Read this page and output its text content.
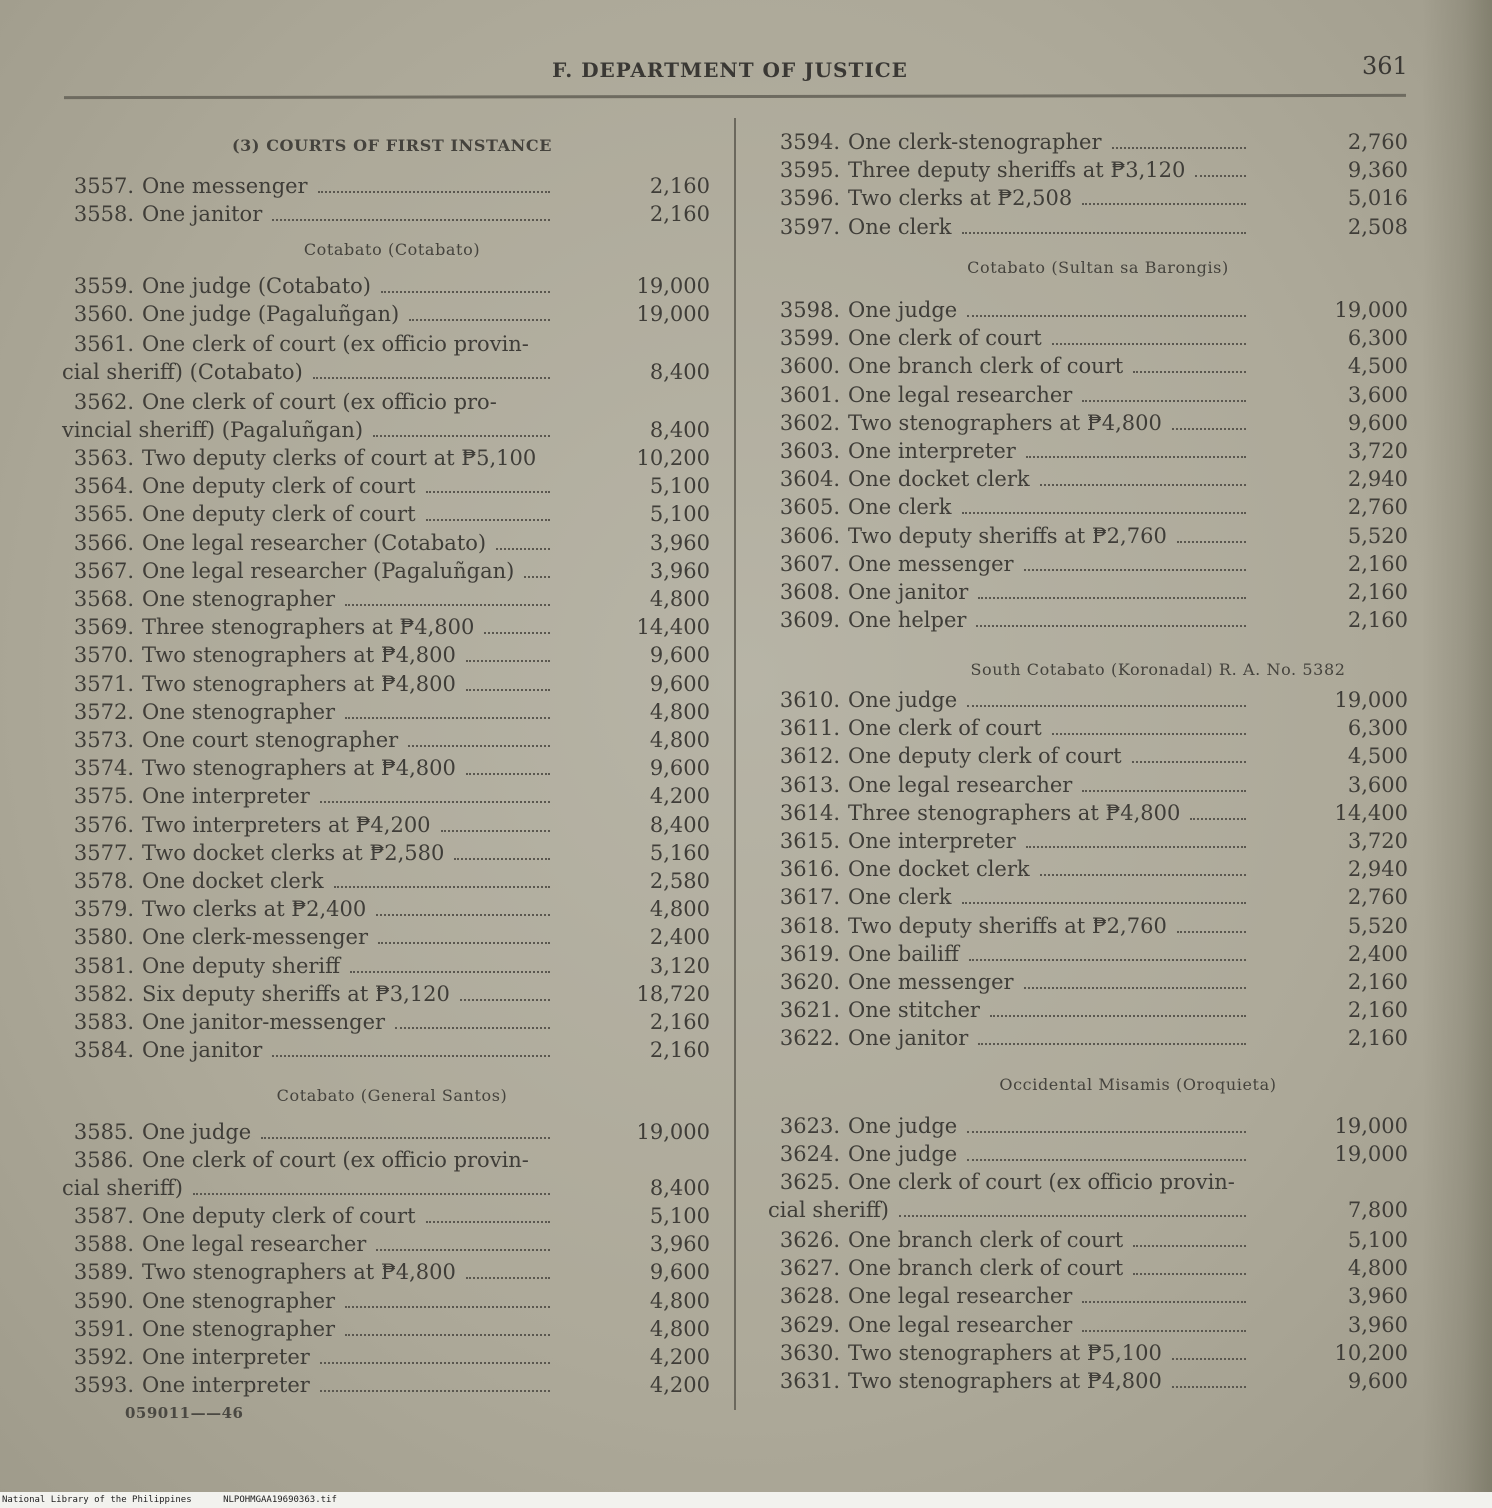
F. DEPARTMENT OF JUSTICE	361
(3) COURTS OF FIRST INSTANCE
Cotabato (Cotabato)
Cotabato (General Santos)
059011——46
3557. One messenger	2,160
3558. One janitor	2,160
3559. One judge (Cotabato)	19,000
3560. One judge (Pagaluñgan)	19,000
3561. One clerk of court (ex officio provin-
cial sheriff) (Cotabato)	8,400
3562. One clerk of court (ex officio pro-
vincial sheriff) (Pagaluñgan)	8,400
3563. Two deputy clerks of court at ₱5,100	10,200
3564. One deputy clerk of court	5,100
3565. One deputy clerk of court	5,100
3566. One legal researcher (Cotabato)	3,960
3567. One legal researcher (Pagaluñgan)	3,960
3568. One stenographer	4,800
3569. Three stenographers at ₱4,800	14,400
3570. Two stenographers at ₱4,800	9,600
3571. Two stenographers at ₱4,800	9,600
3572. One stenographer	4,800
3573. One court stenographer	4,800
3574. Two stenographers at ₱4,800	9,600
3575. One interpreter	4,200
3576. Two interpreters at ₱4,200	8,400
3577. Two docket clerks at ₱2,580	5,160
3578. One docket clerk	2,580
3579. Two clerks at ₱2,400	4,800
3580. One clerk-messenger	2,400
3581. One deputy sheriff	3,120
3582. Six deputy sheriffs at ₱3,120	18,720
3583. One janitor-messenger	2,160
3584. One janitor	2,160
3585. One judge	19,000
3586. One clerk of court (ex officio provin-
cial sheriff)	8,400
3587. One deputy clerk of court	5,100
3588. One legal researcher	3,960
3589. Two stenographers at ₱4,800	9,600
3590. One stenographer	4,800
3591. One stenographer	4,800
3592. One interpreter	4,200
3593. One interpreter	4,200
Cotabato (Sultan sa Barongis)
South Cotabato (Koronadal) R. A. No. 5382
Occidental Misamis (Oroquieta)
3594. One clerk-stenographer	2,760
3595. Three deputy sheriffs at ₱3,120	9,360
3596. Two clerks at ₱2,508	5,016
3597. One clerk	2,508
3598. One judge	19,000
3599. One clerk of court	6,300
3600. One branch clerk of court	4,500
3601. One legal researcher	3,600
3602. Two stenographers at ₱4,800	9,600
3603. One interpreter	3,720
3604. One docket clerk	2,940
3605. One clerk	2,760
3606. Two deputy sheriffs at ₱2,760	5,520
3607. One messenger	2,160
3608. One janitor	2,160
3609. One helper	2,160
3610. One judge	19,000
3611. One clerk of court	6,300
3612. One deputy clerk of court	4,500
3613. One legal researcher	3,600
3614. Three stenographers at ₱4,800	14,400
3615. One interpreter	3,720
3616. One docket clerk	2,940
3617. One clerk	2,760
3618. Two deputy sheriffs at ₱2,760	5,520
3619. One bailiff	2,400
3620. One messenger	2,160
3621. One stitcher	2,160
3622. One janitor	2,160
3623. One judge	19,000
3624. One judge	19,000
3625. One clerk of court (ex officio provin-
cial sheriff)	7,800
3626. One branch clerk of court	5,100
3627. One branch clerk of court	4,800
3628. One legal researcher	3,960
3629. One legal researcher	3,960
3630. Two stenographers at ₱5,100	10,200
3631. Two stenographers at ₱4,800	9,600
National Library of the Philippines	NLPOHMGAA19690363.tif
